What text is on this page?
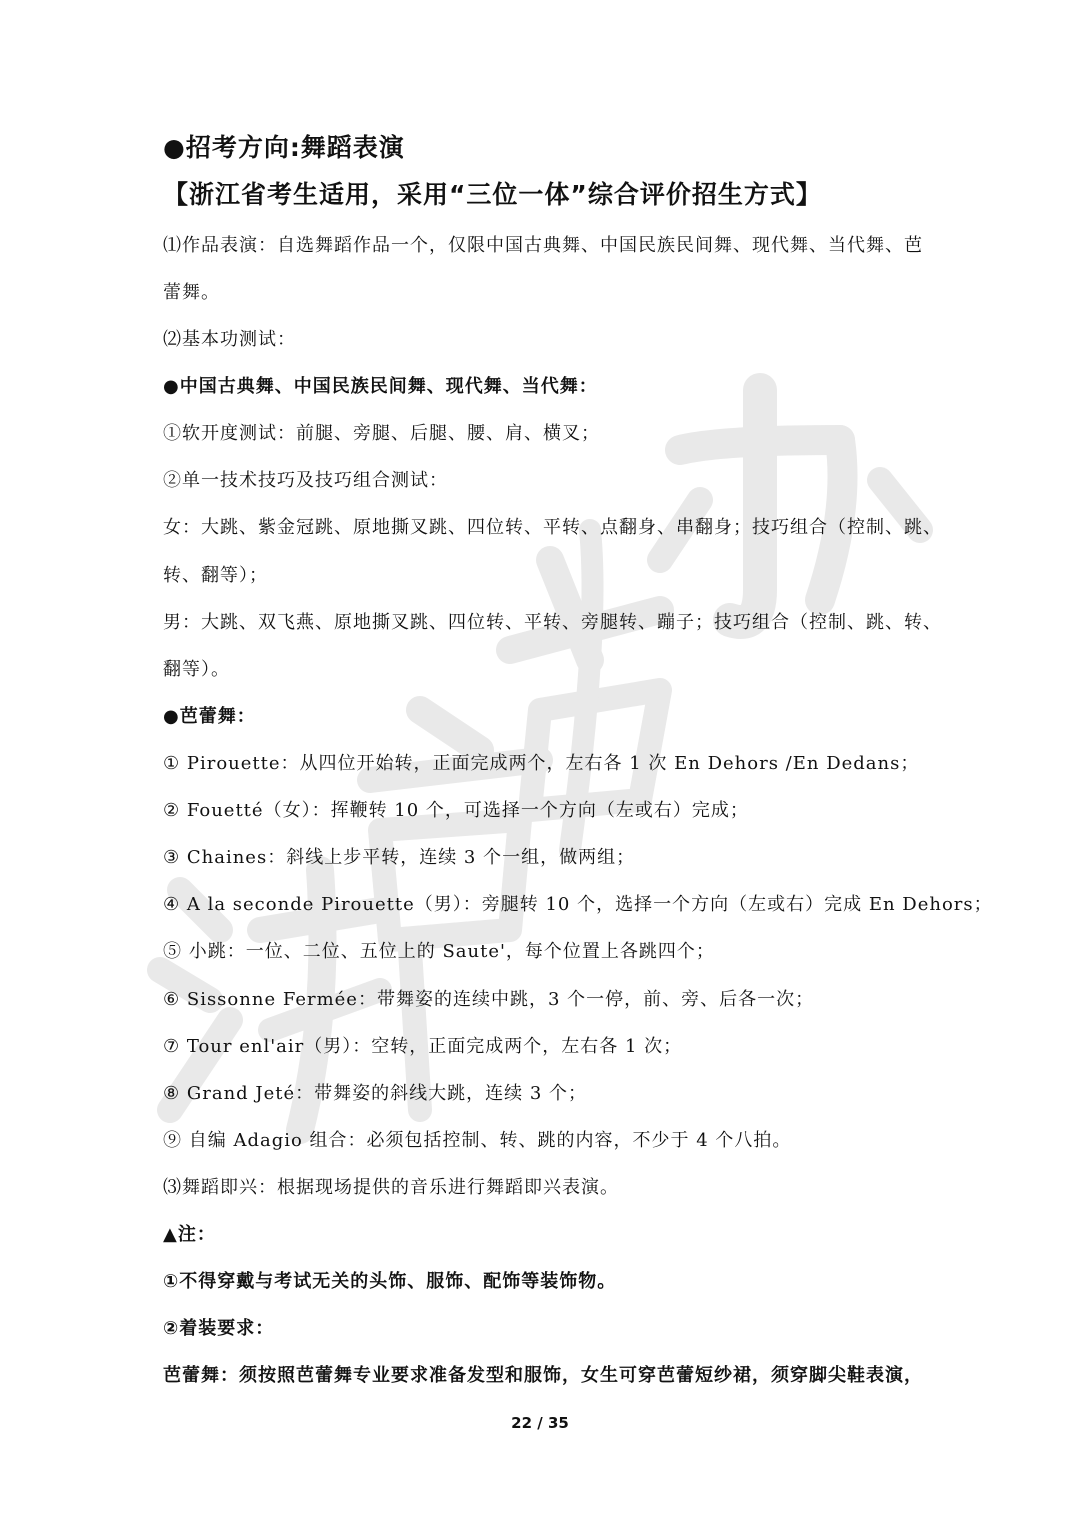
●招考方向:舞蹈表演
【浙江省考生适用，采用“三位一体”综合评价招生方式】
⑴作品表演：自选舞蹈作品一个，仅限中国古典舞、中国民族民间舞、现代舞、当代舞、芭
蕾舞。
⑵基本功测试：
●中国古典舞、中国民族民间舞、现代舞、当代舞：
①软开度测试：前腿、旁腿、后腿、腰、肩、横叉；
②单一技术技巧及技巧组合测试：
女：大跳、紫金冠跳、原地撕叉跳、四位转、平转、点翻身、串翻身；技巧组合（控制、跳、
转、翻等）；
男：大跳、双飞燕、原地撕叉跳、四位转、平转、旁腿转、蹦子；技巧组合（控制、跳、转、
翻等）。
●芭蕾舞：
① Pirouette：从四位开始转，正面完成两个，左右各 1 次 En Dehors /En Dedans；
② Fouetté（女）：挥鞭转 10 个，可选择一个方向（左或右）完成；
③ Chaines：斜线上步平转，连续 3 个一组，做两组；
④ A la seconde Pirouette（男）：旁腿转 10 个，选择一个方向（左或右）完成 En Dehors；
⑤ 小跳：一位、二位、五位上的 Saute'，每个位置上各跳四个；
⑥ Sissonne Fermée：带舞姿的连续中跳，3 个一停，前、旁、后各一次；
⑦ Tour enl'air（男）：空转，正面完成两个，左右各 1 次；
⑧ Grand Jeté：带舞姿的斜线大跳，连续 3 个；
⑨ 自编 Adagio 组合：必须包括控制、转、跳的内容，不少于 4 个八拍。
⑶舞蹈即兴：根据现场提供的音乐进行舞蹈即兴表演。
▲注：
①不得穿戴与考试无关的头饰、服饰、配饰等装饰物。
②着装要求：
芭蕾舞：须按照芭蕾舞专业要求准备发型和服饰，女生可穿芭蕾短纱裙，须穿脚尖鞋表演，
22 / 35
